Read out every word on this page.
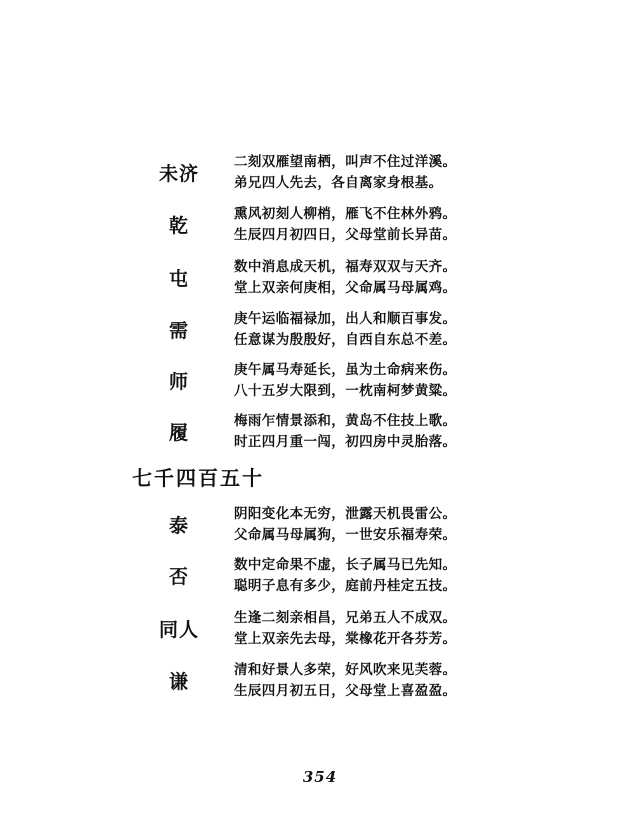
未济
二刻双雁望南栖，叫声不住过洋溪。
弟兄四人先去，各自离家身根基。
乾
熏风初刻人柳梢，雁飞不住林外鸦。
生辰四月初四日，父母堂前长异苗。
屯
数中消息成天机，福寿双双与天齐。
堂上双亲何庚相，父命属马母属鸡。
需
庚午运临福禄加，出人和顺百事发。
任意谋为殷殷好，自西自东总不差。
师
庚午属马寿延长，虽为土命病来伤。
八十五岁大限到，一枕南柯梦黄粱。
履
梅雨乍情景添和，黄岛不住技上歌。
时正四月重一闯，初四房中灵胎落。
七千四百五十
泰
阴阳变化本无穷，泄露天机畏雷公。
父命属马母属狗，一世安乐福寿荣。
否
数中定命果不虚，长子属马已先知。
聪明子息有多少，庭前丹桂定五技。
同人
生逢二刻亲相昌，兄弟五人不成双。
堂上双亲先去母，棠橡花开各芬芳。
谦
清和好景人多荣，好风吹来见芙蓉。
生辰四月初五日，父母堂上喜盈盈。
354
